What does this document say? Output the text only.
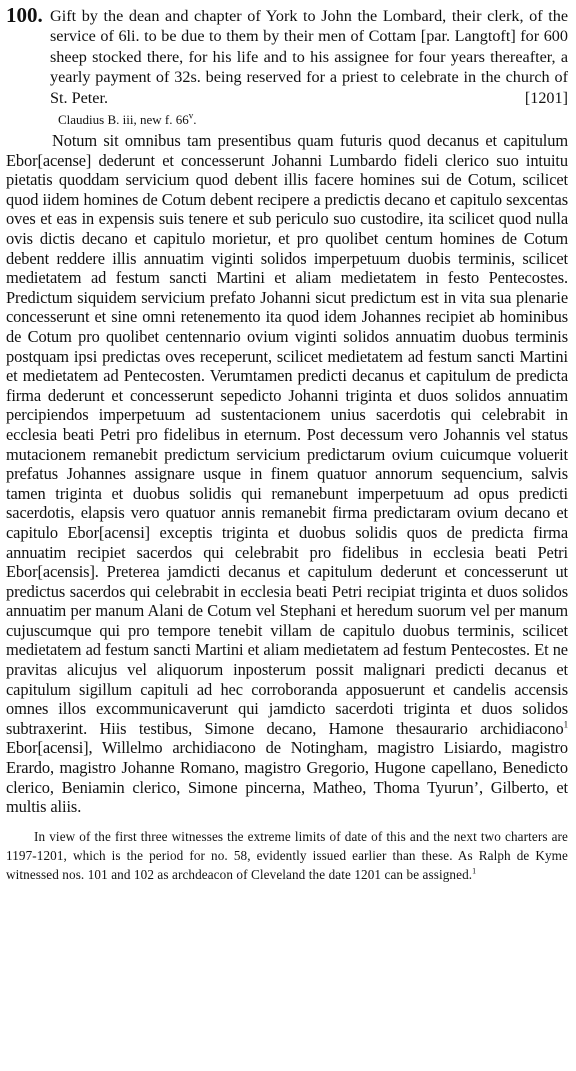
100. Gift by the dean and chapter of York to John the Lombard, their clerk, of the service of 6li. to be due to them by their men of Cottam [par. Langtoft] for 600 sheep stocked there, for his life and to his assignee for four years thereafter, a yearly payment of 32s. being reserved for a priest to celebrate in the church of St. Peter.	[1201]

Claudius B. iii, new f. 66$^v$.

Notum sit omnibus tam presentibus quam futuris quod decanus et capitulum Ebor[acense] dederunt et concesserunt Johanni Lumbardo fideli clerico suo intuitu pietatis quoddam servicium quod debent illis facere homines sui de Cotum, scilicet quod iidem homines de Cotum debent recipere a predictis decano et capitulo sexcentas oves et eas in expensis suis tenere et sub periculo suo custodire, ita scilicet quod nulla ovis dictis decano et capitulo morietur, et pro quolibet centum homines de Cotum debent reddere illis annuatim viginti solidos imperpetuum duobis terminis, scilicet medietatem ad festum sancti Martini et aliam medietatem in festo Pentecostes. Predictum siquidem servicium prefato Johanni sicut predictum est in vita sua plenarie concesserunt et sine omni retenemento ita quod idem Johannes recipiet ab hominibus de Cotum pro quolibet centennario ovium viginti solidos annuatim duobus terminis postquam ipsi predictas oves receperunt, scilicet medietatem ad festum sancti Martini et medietatem ad Pentecosten. Verumtamen predicti decanus et capitulum de predicta firma dederunt et concesserunt sepedicto Johanni triginta et duos solidos annuatim percipiendos imperpetuum ad sustentacionem unius sacerdotis qui celebrabit in ecclesia beati Petri pro fidelibus in eternum. Post decessum vero Johannis vel status mutacionem remanebit predictum servicium predictarum ovium cuicumque voluerit prefatus Johannes assignare usque in finem quatuor annorum sequencium, salvis tamen triginta et duobus solidis qui remanebunt imperpetuum ad opus predicti sacerdotis, elapsis vero quatuor annis remanebit firma predictaram ovium decano et capitulo Ebor[acensi] exceptis triginta et duobus solidis quos de predicta firma annuatim recipiet sacerdos qui celebrabit pro fidelibus in ecclesia beati Petri Ebor[acensis]. Preterea jamdicti decanus et capitulum dederunt et concesserunt ut predictus sacerdos qui celebrabit in ecclesia beati Petri recipiat triginta et duos solidos annuatim per manum Alani de Cotum vel Stephani et heredum suorum vel per manum cujuscumque qui pro tempore tenebit villam de capitulo duobus terminis, scilicet medietatem ad festum sancti Martini et aliam medietatem ad festum Pentecostes. Et ne pravitas alicujus vel aliquorum inposterum possit malignari predicti decanus et capitulum sigillum capituli ad hec corroboranda apposuerunt et candelis accensis omnes illos excommunicaverunt qui jamdicto sacerdoti triginta et duos solidos subtraxerint. Hiis testibus, Simone decano, Hamone thesaurario archidiacono$^1$ Ebor[acensi], Willelmo archidiacono de Notingham, magistro Lisiardo, magistro Erardo, magistro Johanne Romano, magistro Gregorio, Hugone capellano, Benedicto clerico, Beniamin clerico, Simone pincerna, Matheo, Thoma Tyurun’, Gilberto, et multis aliis.

In view of the first three witnesses the extreme limits of date of this and the next two charters are 1197-1201, which is the period for no. 58, evidently issued earlier than these. As Ralph de Kyme witnessed nos. 101 and 102 as archdeacon of Cleveland the date 1201 can be assigned.$^1$
